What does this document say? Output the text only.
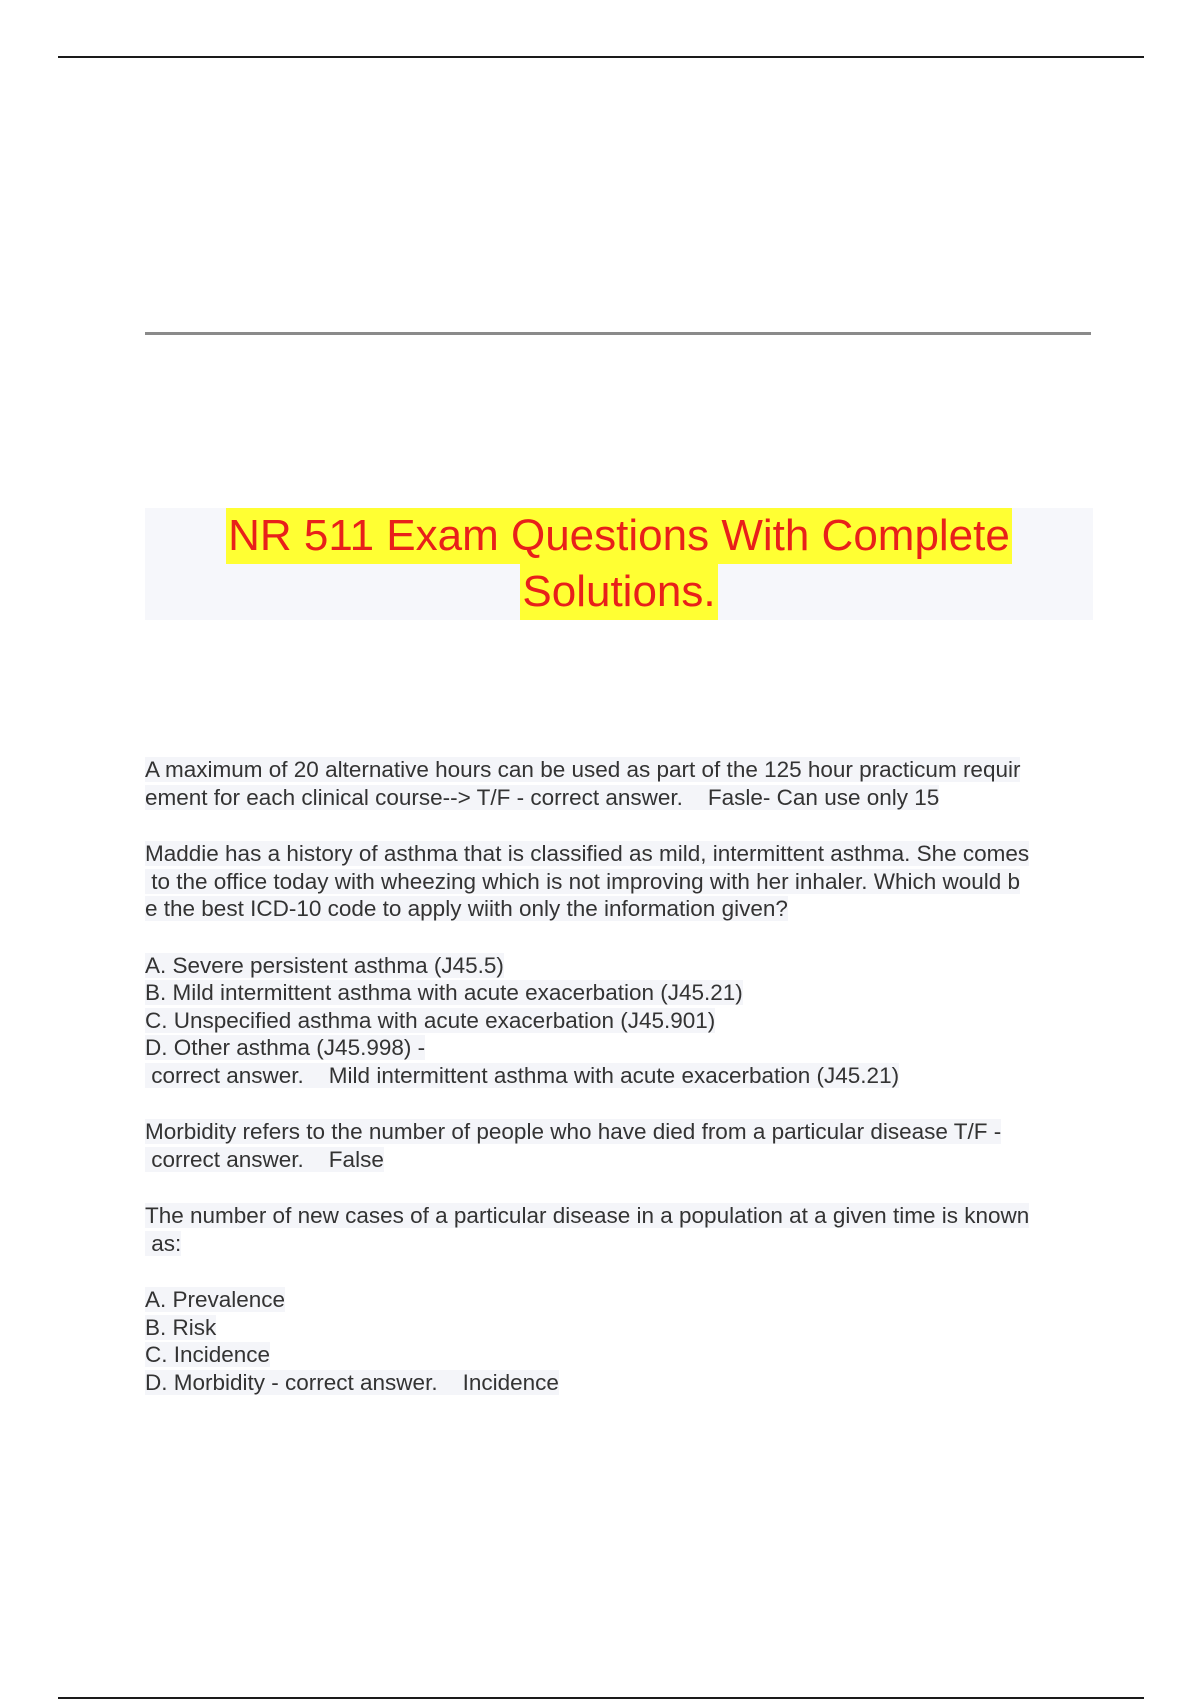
NR 511 Exam Questions With Complete
Solutions.
A maximum of 20 alternative hours can be used as part of the 125 hour practicum requir
ement for each clinical course--> T/F - correct answer.    Fasle- Can use only 15
Maddie has a history of asthma that is classified as mild, intermittent asthma. She comes
to the office today with wheezing which is not improving with her inhaler. Which would b
e the best ICD-10 code to apply wiith only the information given?
A. Severe persistent asthma (J45.5)
B. Mild intermittent asthma with acute exacerbation (J45.21)
C. Unspecified asthma with acute exacerbation (J45.901)
D. Other asthma (J45.998) -
correct answer.    Mild intermittent asthma with acute exacerbation (J45.21)
Morbidity refers to the number of people who have died from a particular disease T/F -
correct answer.    False
The number of new cases of a particular disease in a population at a given time is known
as:
A. Prevalence
B. Risk
C. Incidence
D. Morbidity - correct answer.    Incidence
